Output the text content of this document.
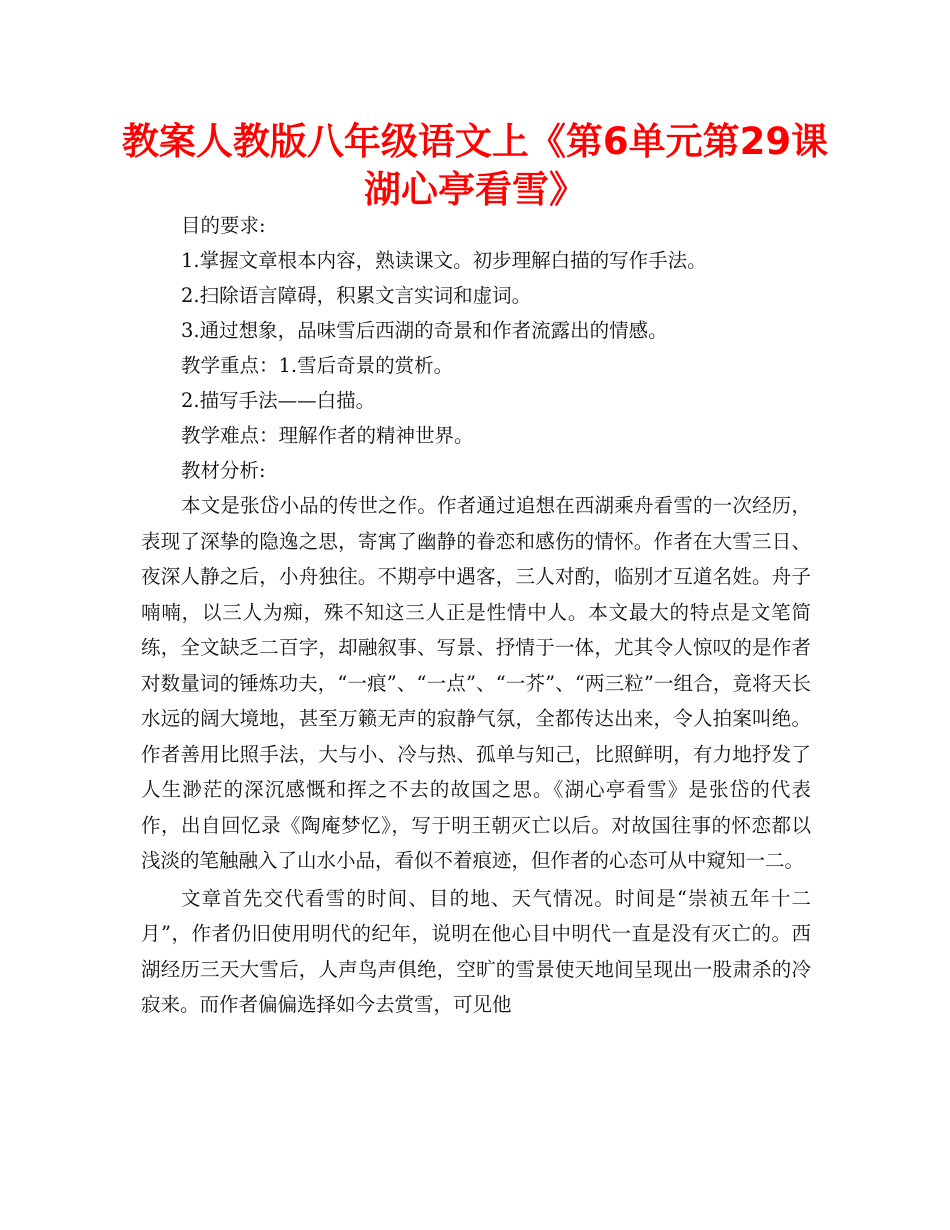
教案人教版八年级语文上《第6单元第29课湖心亭看雪》
目的要求:
1.掌握文章根本内容，熟读课文。初步理解白描的写作手法。
2.扫除语言障碍，积累文言实词和虚词。
3.通过想象，品味雪后西湖的奇景和作者流露出的情感。
教学重点：1.雪后奇景的赏析。
2.描写手法——白描。
教学难点：理解作者的精神世界。
教材分析:

本文是张岱小品的传世之作。作者通过追想在西湖乘舟看雪的一次经历，表现了深挚的隐逸之思，寄寓了幽静的眷恋和感伤的情怀。作者在大雪三日、夜深人静之后，小舟独往。不期亭中遇客，三人对酌，临别才互道名姓。舟子喃喃，以三人为痴，殊不知这三人正是性情中人。本文最大的特点是文笔简练，全文缺乏二百字，却融叙事、写景、抒情于一体，尤其令人惊叹的是作者对数量词的锤炼功夫，“一痕”、“一点”、“一芥”、“两三粒”一组合，竟将天长水远的阔大境地，甚至万籁无声的寂静气氛，全都传达出来，令人拍案叫绝。作者善用比照手法，大与小、冷与热、孤单与知己，比照鲜明，有力地抒发了人生渺茫的深沉感慨和挥之不去的故国之思。《湖心亭看雪》是张岱的代表作，出自回忆录《陶庵梦忆》，写于明王朝灭亡以后。对故国往事的怀恋都以浅淡的笔触融入了山水小品，看似不着痕迹，但作者的心态可从中窥知一二。

文章首先交代看雪的时间、目的地、天气情况。时间是“崇祯五年十二月”，作者仍旧使用明代的纪年，说明在他心目中明代一直是没有灭亡的。西湖经历三天大雪后，人声鸟声俱绝，空旷的雪景使天地间呈现出一股肃杀的冷寂来。而作者偏偏选择如今去赏雪，可见他
